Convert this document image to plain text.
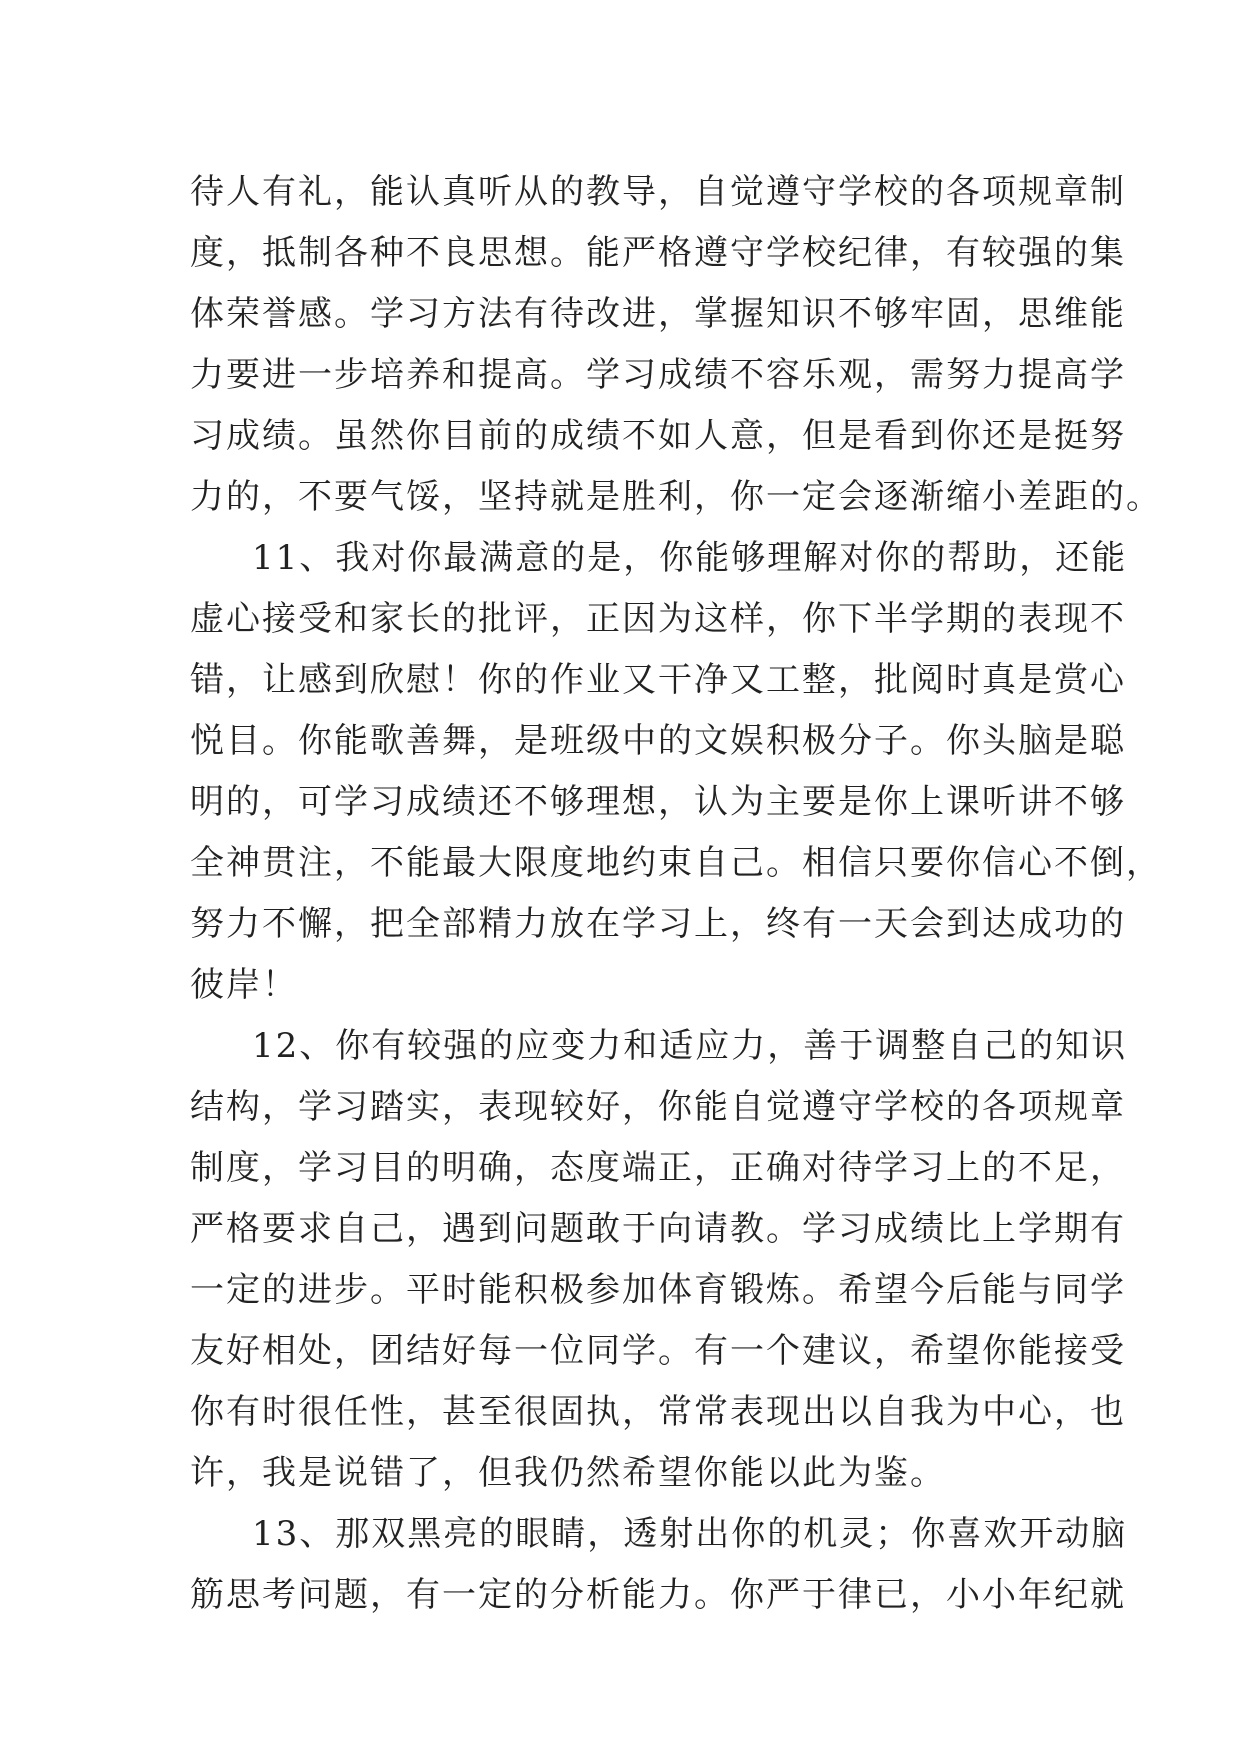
待人有礼，能认真听从的教导，自觉遵守学校的各项规章制
度，抵制各种不良思想。能严格遵守学校纪律，有较强的集
体荣誉感。学习方法有待改进，掌握知识不够牢固，思维能
力要进一步培养和提高。学习成绩不容乐观，需努力提高学
习成绩。虽然你目前的成绩不如人意，但是看到你还是挺努
力的，不要气馁，坚持就是胜利，你一定会逐渐缩小差距的。
11、我对你最满意的是，你能够理解对你的帮助，还能
虚心接受和家长的批评，正因为这样，你下半学期的表现不
错，让感到欣慰！你的作业又干净又工整，批阅时真是赏心
悦目。你能歌善舞，是班级中的文娱积极分子。你头脑是聪
明的，可学习成绩还不够理想，认为主要是你上课听讲不够
全神贯注，不能最大限度地约束自己。相信只要你信心不倒，
努力不懈，把全部精力放在学习上，终有一天会到达成功的
彼岸！
12、你有较强的应变力和适应力，善于调整自己的知识
结构，学习踏实，表现较好，你能自觉遵守学校的各项规章
制度，学习目的明确，态度端正，正确对待学习上的不足，
严格要求自己，遇到问题敢于向请教。学习成绩比上学期有
一定的进步。平时能积极参加体育锻炼。希望今后能与同学
友好相处，团结好每一位同学。有一个建议，希望你能接受
你有时很任性，甚至很固执，常常表现出以自我为中心，也
许，我是说错了，但我仍然希望你能以此为鉴。
13、那双黑亮的眼睛，透射出你的机灵；你喜欢开动脑
筋思考问题，有一定的分析能力。你严于律已，小小年纪就
